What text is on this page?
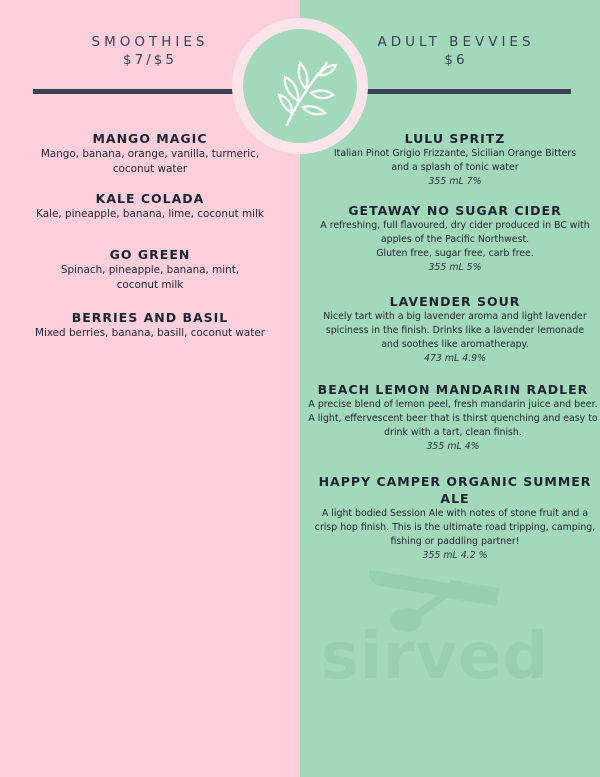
SMOOTHIES
$7/$5
ADULT BEVVIES
$6
MANGO MAGIC
Mango, banana, orange, vanilla, turmeric, coconut water
KALE COLADA
Kale, pineapple, banana, lime, coconut milk
GO GREEN
Spinach, pineapple, banana, mint, coconut milk
BERRIES AND BASIL
Mixed berries, banana, basill, coconut water
sirved
LULU SPRITZ
Italian Pinot Grigio Frizzante, Sicilian Orange Bitters and a splash of tonic water
355 mL 7%
GETAWAY NO SUGAR CIDER
A refreshing, full flavoured, dry cider produced in BC with apples of the Pacific Northwest.
Gluten free, sugar free, carb free.
355 mL 5%
LAVENDER SOUR
Nicely tart with a big lavender aroma and light lavender spiciness in the finish. Drinks like a lavender lemonade and soothes like aromatherapy.
473 mL 4.9%
BEACH LEMON MANDARIN RADLER
A precise blend of lemon peel, fresh mandarin juice and beer. A light, effervescent beer that is thirst quenching and easy to drink with a tart, clean finish.
355 mL 4%
HAPPY CAMPER ORGANIC SUMMER ALE
A light bodied Session Ale with notes of stone fruit and a crisp hop finish. This is the ultimate road tripping, camping, fishing or paddling partner!
355 mL 4.2 %
